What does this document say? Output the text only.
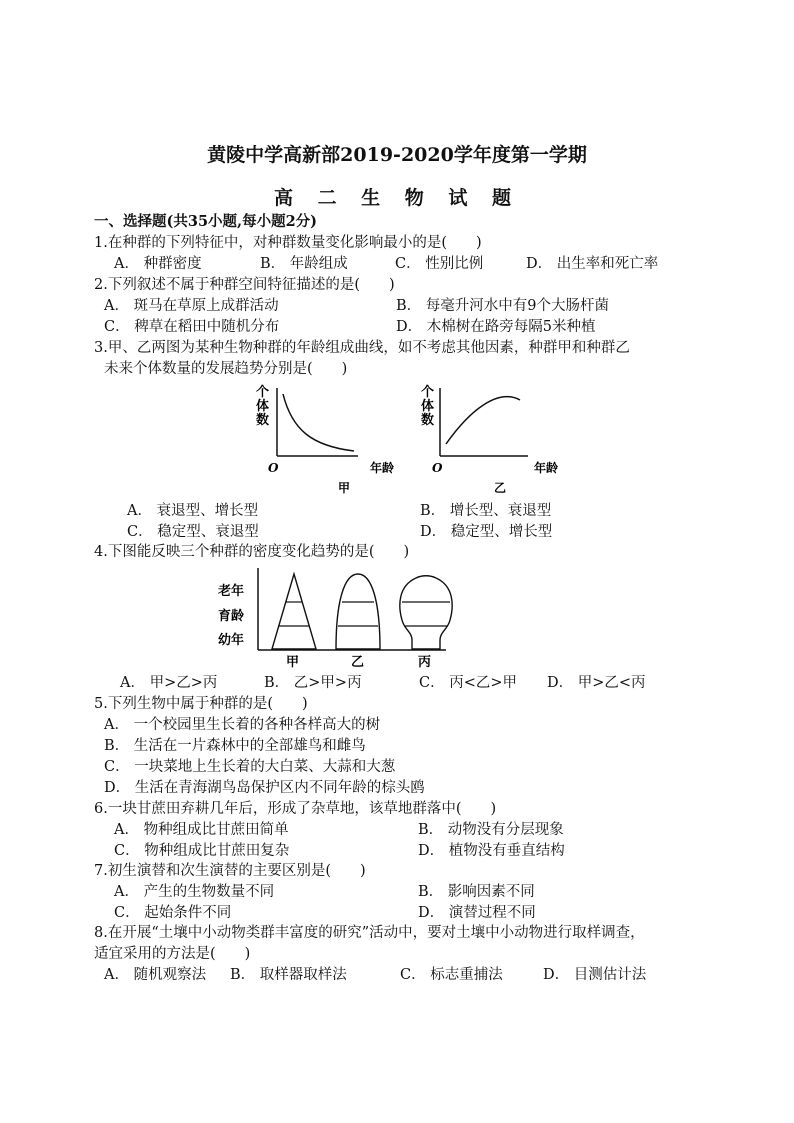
黄陵中学高新部2019-2020学年度第一学期
高 二 生 物 试 题
一、选择题(共35小题,每小题2分)
1.在种群的下列特征中，对种群数量变化影响最小的是(　　)
A． 种群密度	B． 年龄组成	C． 性别比例	D． 出生率和死亡率
2.下列叙述不属于种群空间特征描述的是(　　)
A． 斑马在草原上成群活动	B． 每毫升河水中有9个大肠杆菌
C． 稗草在稻田中随机分布	D． 木棉树在路旁每隔5米种植
3.甲、乙两图为某种生物种群的年龄组成曲线，如不考虑其他因素，种群甲和种群乙
未来个体数量的发展趋势分别是(　　)
个
体
数
O	年龄
甲
个
体
数
O	年龄
乙
A． 衰退型、增长型	B． 增长型、衰退型
C． 稳定型、衰退型	D． 稳定型、增长型
4.下图能反映三个种群的密度变化趋势的是(　　)
老年
育龄
幼年
甲	乙	丙
A． 甲>乙>丙	B． 乙>甲>丙	C． 丙<乙>甲 D． 甲>乙<丙
5.下列生物中属于种群的是(　　)
A． 一个校园里生长着的各种各样高大的树
B． 生活在一片森林中的全部雄鸟和雌鸟
C． 一块菜地上生长着的大白菜、大蒜和大葱
D． 生活在青海湖鸟岛保护区内不同年龄的棕头鸥
6.一块甘蔗田弃耕几年后，形成了杂草地，该草地群落中(　　)
A． 物种组成比甘蔗田简单	B． 动物没有分层现象
C． 物种组成比甘蔗田复杂	D． 植物没有垂直结构
7.初生演替和次生演替的主要区别是(　　)
A． 产生的生物数量不同	B． 影响因素不同
C． 起始条件不同	D． 演替过程不同
8.在开展“土壤中小动物类群丰富度的研究”活动中，要对土壤中小动物进行取样调查，
适宜采用的方法是(　　)
A． 随机观察法 B． 取样器取样法	C． 标志重捕法	D． 目测估计法
